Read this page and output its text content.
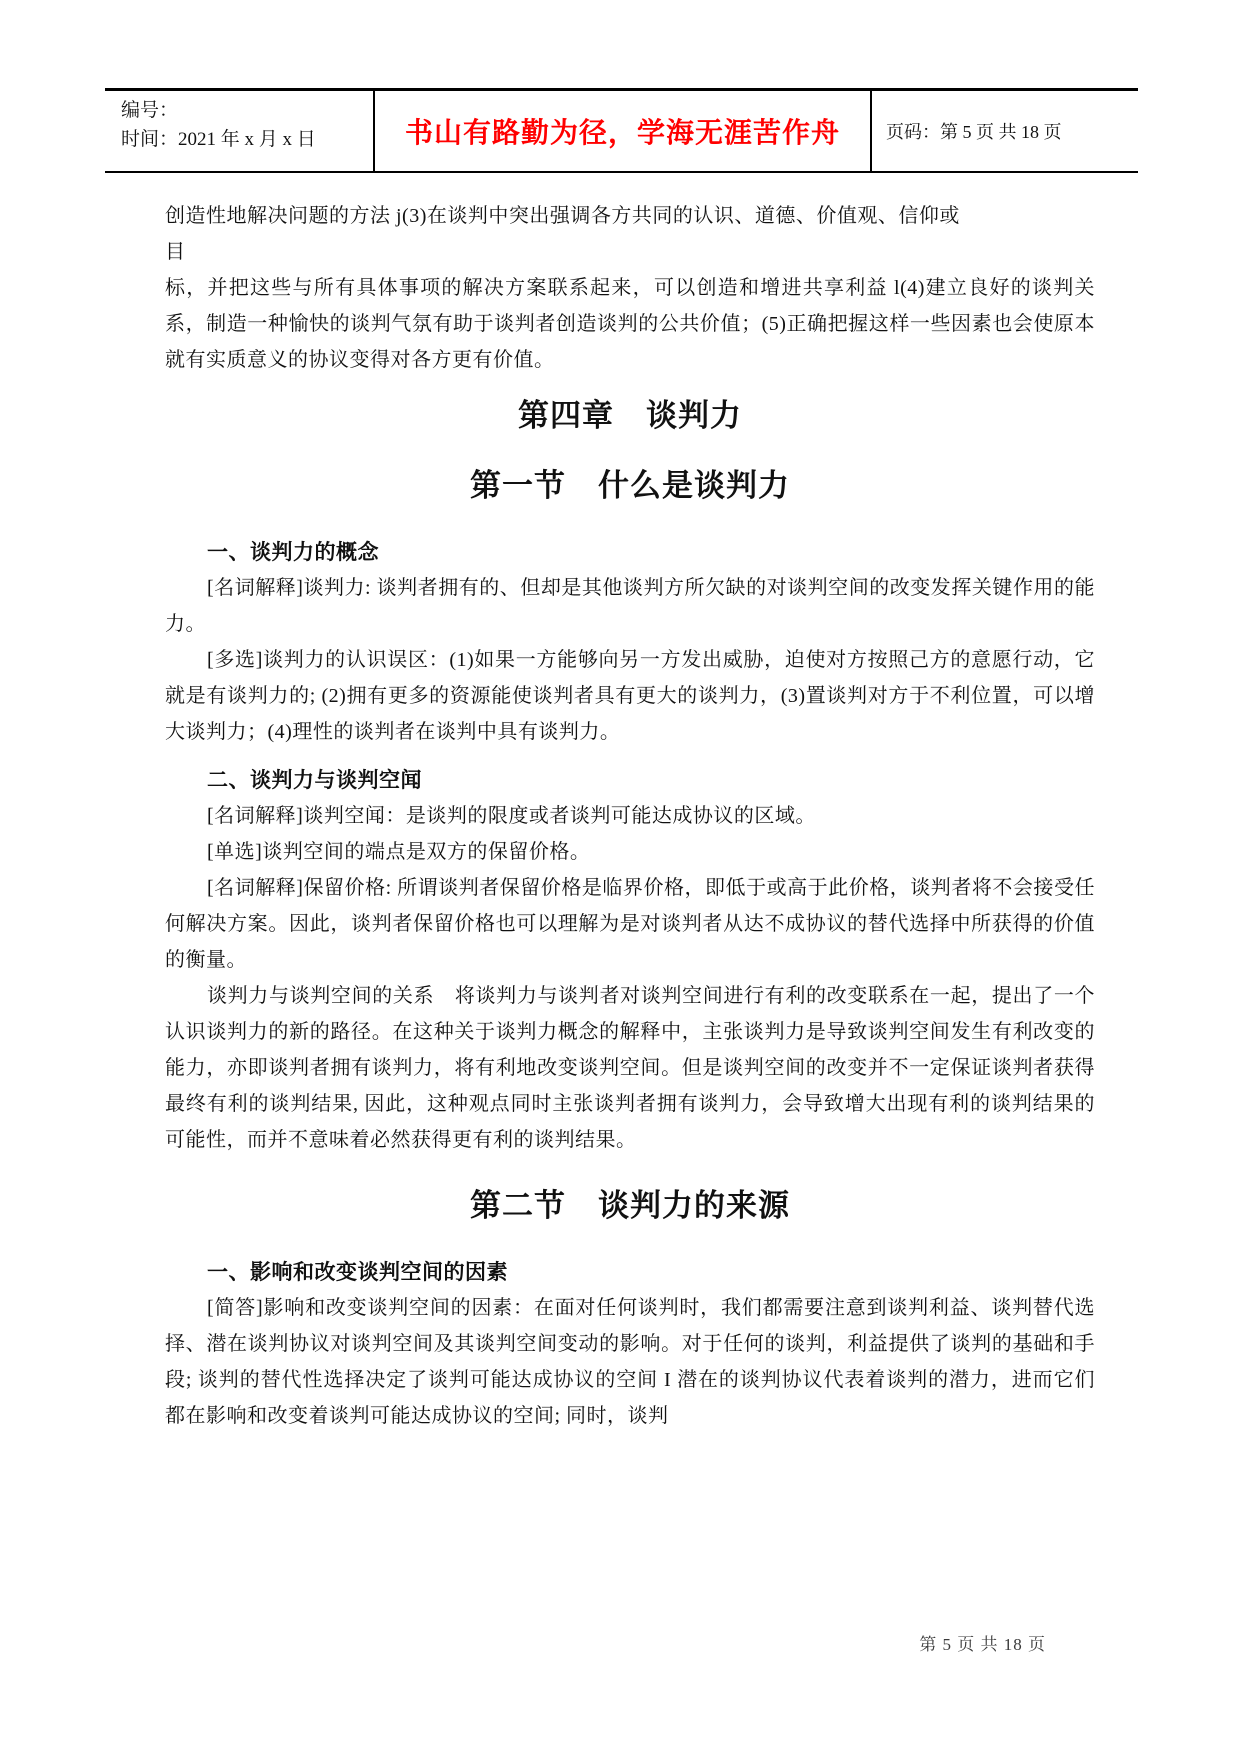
编号：
时间：2021 年 x 月 x 日	书山有路勤为径，学海无涯苦作舟	页码：第 5 页 共 18 页

创造性地解决问题的方法 j(3)在谈判中突出强调各方共同的认识、道德、价值观、信仰或

目

标，并把这些与所有具体事项的解决方案联系起来，可以创造和增进共享利益 l(4)建立良好的谈判关系，制造一种愉快的谈判气氛有助于谈判者创造谈判的公共价值；(5)正确把握这样一些因素也会使原本就有实质意义的协议变得对各方更有价值。

第四章　谈判力
第一节　什么是谈判力
一、谈判力的概念

[名词解释]谈判力: 谈判者拥有的、但却是其他谈判方所欠缺的对谈判空间的改变发挥关键作用的能力。

[多选]谈判力的认识误区：(1)如果一方能够向另一方发出威胁，迫使对方按照己方的意愿行动，它就是有谈判力的; (2)拥有更多的资源能使谈判者具有更大的谈判力，(3)置谈判对方于不利位置，可以增大谈判力；(4)理性的谈判者在谈判中具有谈判力。

二、谈判力与谈判空闻

[名词解释]谈判空闻：是谈判的限度或者谈判可能达成协议的区域。

[单选]谈判空间的端点是双方的保留价格。

[名词解释]保留价格: 所谓谈判者保留价格是临界价格，即低于或高于此价格，谈判者将不会接受任何解决方案。因此，谈判者保留价格也可以理解为是对谈判者从达不成协议的替代选择中所获得的价值的衡量。

谈判力与谈判空间的关系　将谈判力与谈判者对谈判空间进行有利的改变联系在一起，提出了一个认识谈判力的新的路径。在这种关于谈判力概念的解释中，主张谈判力是导致谈判空间发生有利改变的能力，亦即谈判者拥有谈判力，将有利地改变谈判空间。但是谈判空间的改变并不一定保证谈判者获得最终有利的谈判结果, 因此，这种观点同时主张谈判者拥有谈判力，会导致增大出现有利的谈判结果的可能性，而并不意味着必然获得更有利的谈判结果。

第二节　谈判力的来源
一、影响和改变谈判空间的因素

[简答]影响和改变谈判空间的因素：在面对任何谈判时，我们都需要注意到谈判利益、谈判替代选择、潜在谈判协议对谈判空间及其谈判空间变动的影响。对于任何的谈判，利益提供了谈判的基础和手段; 谈判的替代性选择决定了谈判可能达成协议的空间 I 潜在的谈判协议代表着谈判的潜力，进而它们都在影响和改变着谈判可能达成协议的空间; 同时，谈判

第 5 页 共 18 页
